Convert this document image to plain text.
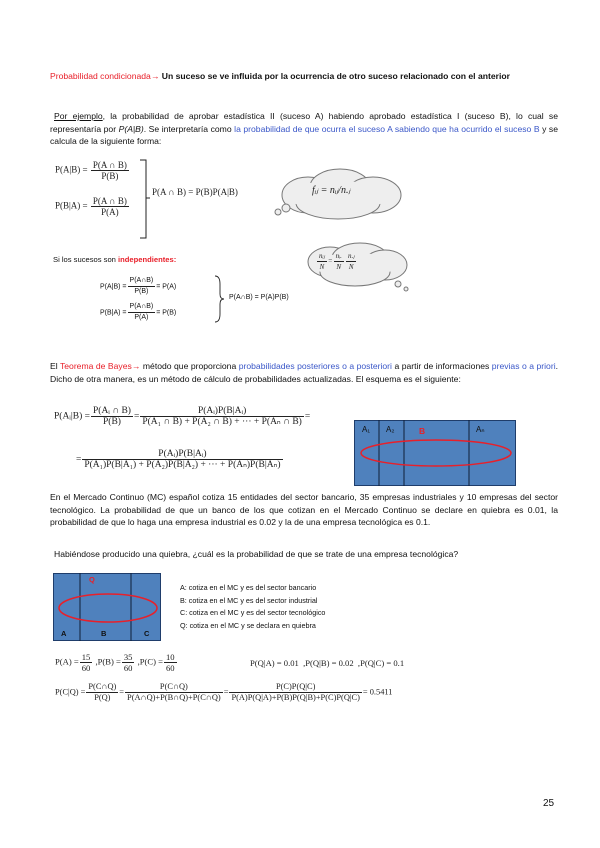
Probabilidad condicionada→ Un suceso se ve influida por la ocurrencia de otro suceso relacionado con el anterior
Por ejemplo, la probabilidad de aprobar estadística II (suceso A) habiendo aprobado estadística I (suceso B), lo cual se representaría por P(A|B). Se interpretaría como la probabilidad de que ocurra el suceso A sabiendo que ha ocurrido el suceso B y se calcula de la siguiente forma:
$P(A|B) = \frac{P(A \cap B)}{P(B)}$
$P(B|A) = \frac{P(A \cap B)}{P(A)}$
P(A ∩ B) = P(B)P(A|B)	fᵢⱼ = nᵢⱼ/n.ⱼ
nᵢⱼ
N
= $\frac{\text{nᵢ.}}{N} \frac{\text{n.ⱼ}}{N}$
Si los sucesos son independientes:
$P(A|B) = \frac{P(A\cap B)}{P(B)} = P(A)$
$P(B|A) = \frac{P(A\cap B)}{P(A)} = P(B)$
P(A∩B) = P(A)P(B)
El Teorema de Bayes→ método que proporciona probabilidades posteriores o a posteriori a partir de informaciones previas o a priori. Dicho de otra manera, es un método de cálculo de probabilidades actualizadas. El esquema es el siguiente:
P(Aᵢ|B) = $\frac{\text{P(Aᵢ ∩ B)}}{P(B)} = \frac{\text{P(Aᵢ)P(B|Aᵢ)}}{\text{P(A₁ ∩ B) + P(A₂ ∩ B) + ··· + P(Aₙ ∩ B)}}$ =
= $\frac{\text{P(Aᵢ)P(B|Aᵢ)}}{\text{P(A₁)P(B|A₁) + P(A₂)P(B|A₂) + ··· + P(Aₙ)P(B|Aₙ)}}$
A₁ A₂	B	Aₙ
En el Mercado Continuo (MC) español cotiza 15 entidades del sector bancario, 35 empresas industriales y 10 empresas del sector tecnológico. La probabilidad de que un banco de los que cotizan en el Mercado Continuo se declare en quiebra es 0.01, la probabilidad de que lo haga una empresa industrial es 0.02 y la de una empresa tecnológica es 0.1.
Habiéndose producido una quiebra, ¿cuál es la probabilidad de que se trate de una empresa tecnológica?
Q
A	B	C
A: cotiza en el MC y es del sector bancario
B: cotiza en el MC y es del sector industrial
C: cotiza en el MC y es del sector tecnológico
Q: cotiza en el MC y se declara en quiebra
$P(A) = \frac{15}{60} ,P(B) = \frac{35}{60} ,P(C) = \frac{10}{60}$	P(Q|A) = 0.01 ,P(Q|B) = 0.02 ,P(Q|C) = 0.1
$P(C|Q) = \frac{P(C\cap Q)}{P(Q)} = \frac{P(C\cap Q)}{P(A\cap Q)+P(B\cap Q)+P(C\cap Q)} = \frac{P(C)P(Q|C)}{P(A)P(Q|A)+P(B)P(Q|B)+P(C)P(Q|C)} = 0.5411$
25
